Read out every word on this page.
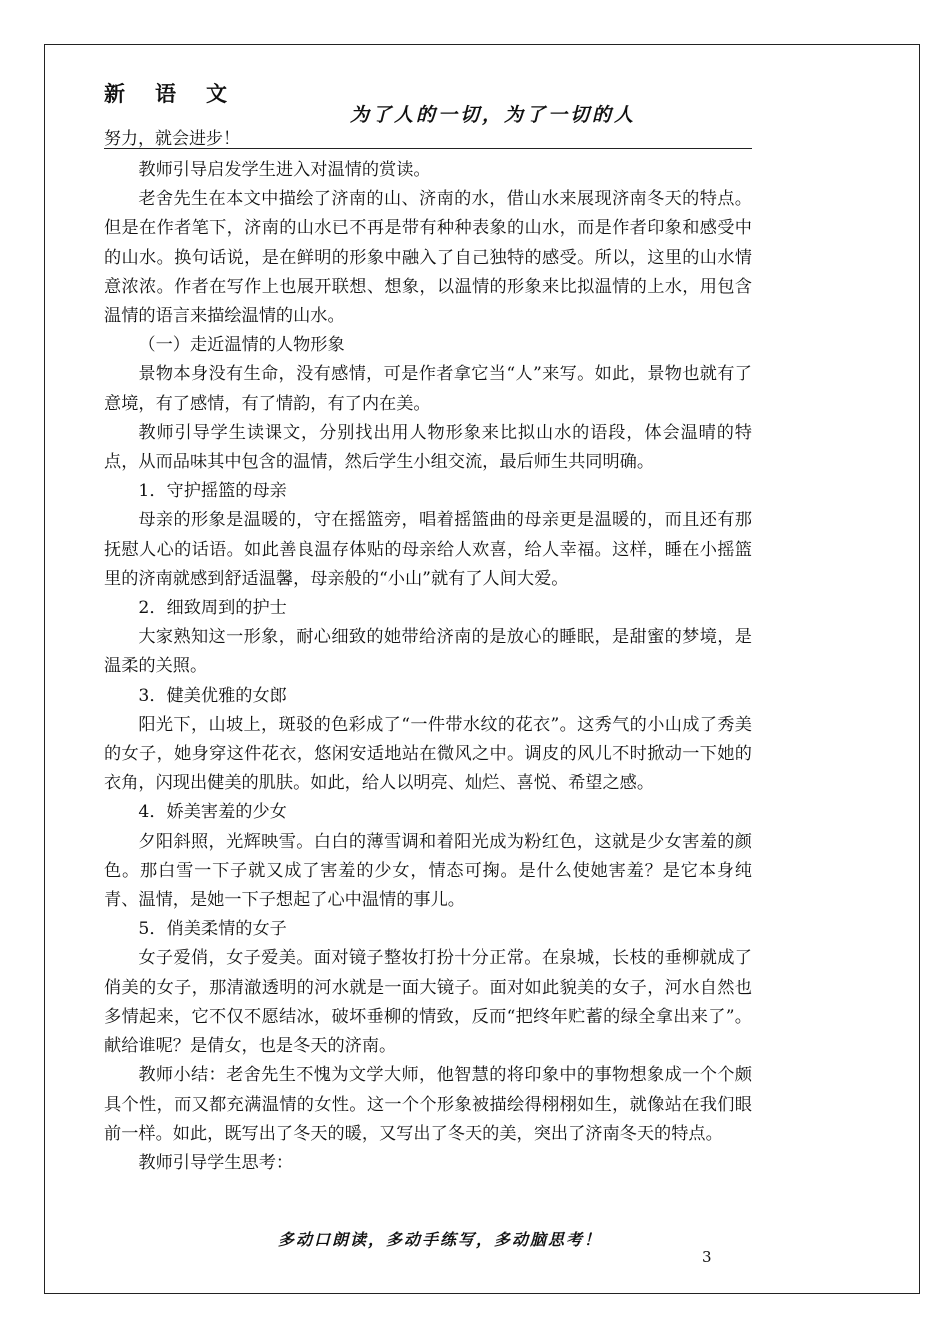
新语文
为了人的一切，为了一切的人
努力，就会进步！

教师引导启发学生进入对温情的赏读。

老舍先生在本文中描绘了济南的山、济南的水，借山水来展现济南冬天的特点。但是在作者笔下，济南的山水已不再是带有种种表象的山水，而是作者印象和感受中的山水。换句话说，是在鲜明的形象中融入了自己独特的感受。所以，这里的山水情意浓浓。作者在写作上也展开联想、想象，以温情的形象来比拟温情的上水，用包含温情的语言来描绘温情的山水。

（一）走近温情的人物形象

景物本身没有生命，没有感情，可是作者拿它当“人”来写。如此，景物也就有了意境，有了感情，有了情韵，有了内在美。

教师引导学生读课文，分别找出用人物形象来比拟山水的语段，体会温晴的特点，从而品味其中包含的温情，然后学生小组交流，最后师生共同明确。

1．守护摇篮的母亲

母亲的形象是温暖的，守在摇篮旁，唱着摇篮曲的母亲更是温暖的，而且还有那抚慰人心的话语。如此善良温存体贴的母亲给人欢喜，给人幸福。这样，睡在小摇篮里的济南就感到舒适温馨，母亲般的“小山”就有了人间大爱。

2．细致周到的护士

大家熟知这一形象，耐心细致的她带给济南的是放心的睡眠，是甜蜜的梦境，是温柔的关照。

3．健美优雅的女郎

阳光下，山坡上，斑驳的色彩成了“一件带水纹的花衣”。这秀气的小山成了秀美的女子，她身穿这件花衣，悠闲安适地站在微风之中。调皮的风儿不时掀动一下她的衣角，闪现出健美的肌肤。如此，给人以明亮、灿烂、喜悦、希望之感。

4．娇美害羞的少女

夕阳斜照，光辉映雪。白白的薄雪调和着阳光成为粉红色，这就是少女害羞的颜色。那白雪一下子就又成了害羞的少女，情态可掬。是什么使她害羞？是它本身纯青、温情，是她一下子想起了心中温情的事儿。

5．俏美柔情的女子

女子爱俏，女子爱美。面对镜子整妆打扮十分正常。在泉城，长枝的垂柳就成了俏美的女子，那清澈透明的河水就是一面大镜子。面对如此貌美的女子，河水自然也多情起来，它不仅不愿结冰，破坏垂柳的情致，反而“把终年贮蓄的绿全拿出来了”。献给谁呢？是倩女，也是冬天的济南。

教师小结：老舍先生不愧为文学大师，他智慧的将印象中的事物想象成一个个颇具个性，而又都充满温情的女性。这一个个形象被描绘得栩栩如生，就像站在我们眼前一样。如此，既写出了冬天的暖，又写出了冬天的美，突出了济南冬天的特点。

教师引导学生思考：

多动口朗读，多动手练写，多动脑思考！
3
